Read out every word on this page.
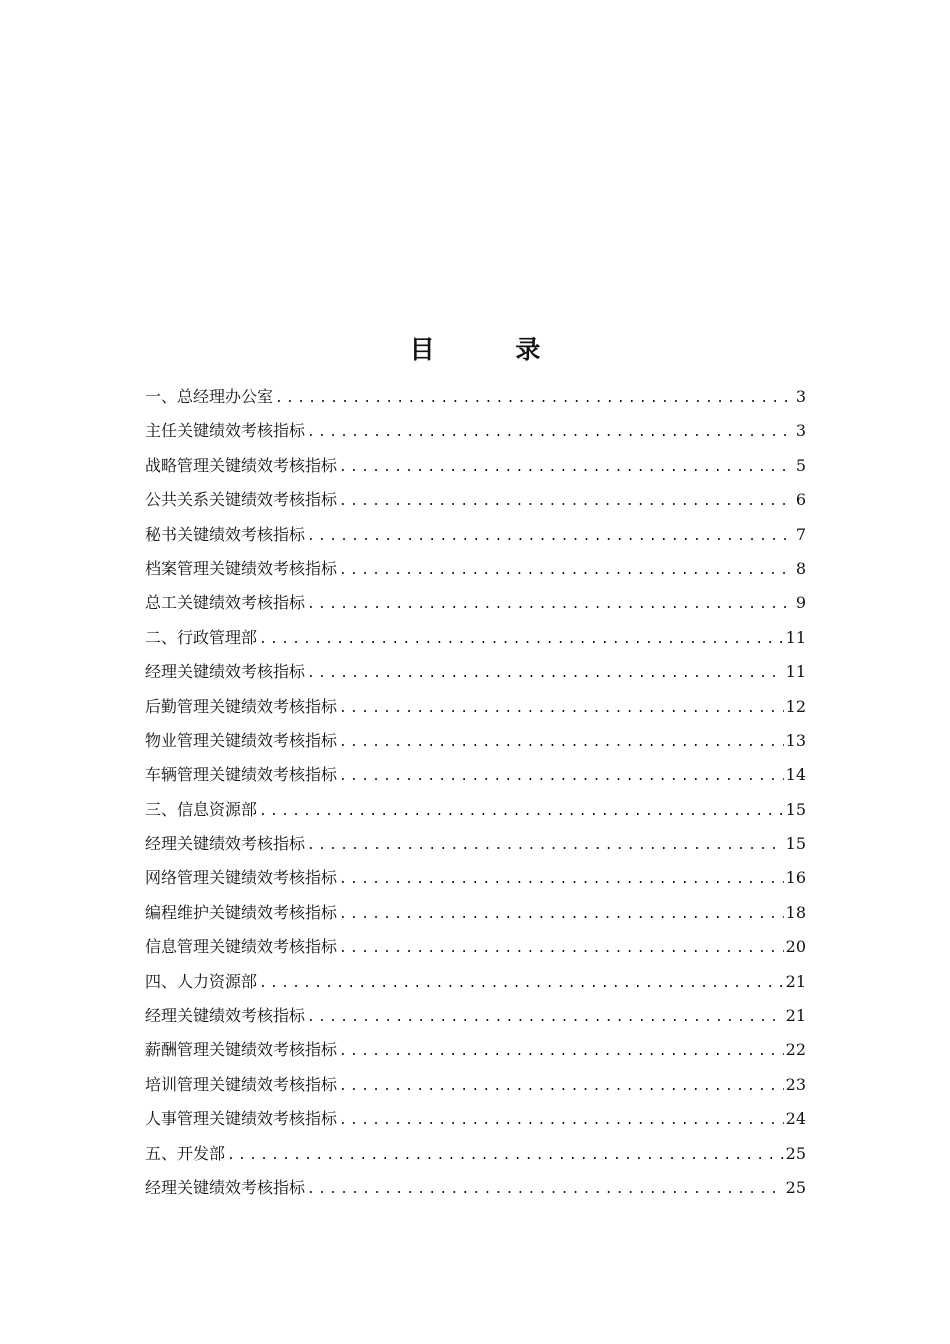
目 录
一、总经理办公室 .....	3
主任关键绩效考核指标 .....	3
战略管理关键绩效考核指标 .....	5
公共关系关键绩效考核指标 .....	6
秘书关键绩效考核指标 .....	7
档案管理关键绩效考核指标 .....	8
总工关键绩效考核指标 .....	9
二、行政管理部 .....	11
经理关键绩效考核指标 .....	11
后勤管理关键绩效考核指标 .....	12
物业管理关键绩效考核指标 .....	13
车辆管理关键绩效考核指标 .....	14
三、信息资源部 .....	15
经理关键绩效考核指标 .....	15
网络管理关键绩效考核指标 .....	16
编程维护关键绩效考核指标 .....	18
信息管理关键绩效考核指标 .....	20
四、人力资源部 .....	21
经理关键绩效考核指标 .....	21
薪酬管理关键绩效考核指标 .....	22
培训管理关键绩效考核指标 .....	23
人事管理关键绩效考核指标 .....	24
五、开发部 .....	25
经理关键绩效考核指标 .....	25
